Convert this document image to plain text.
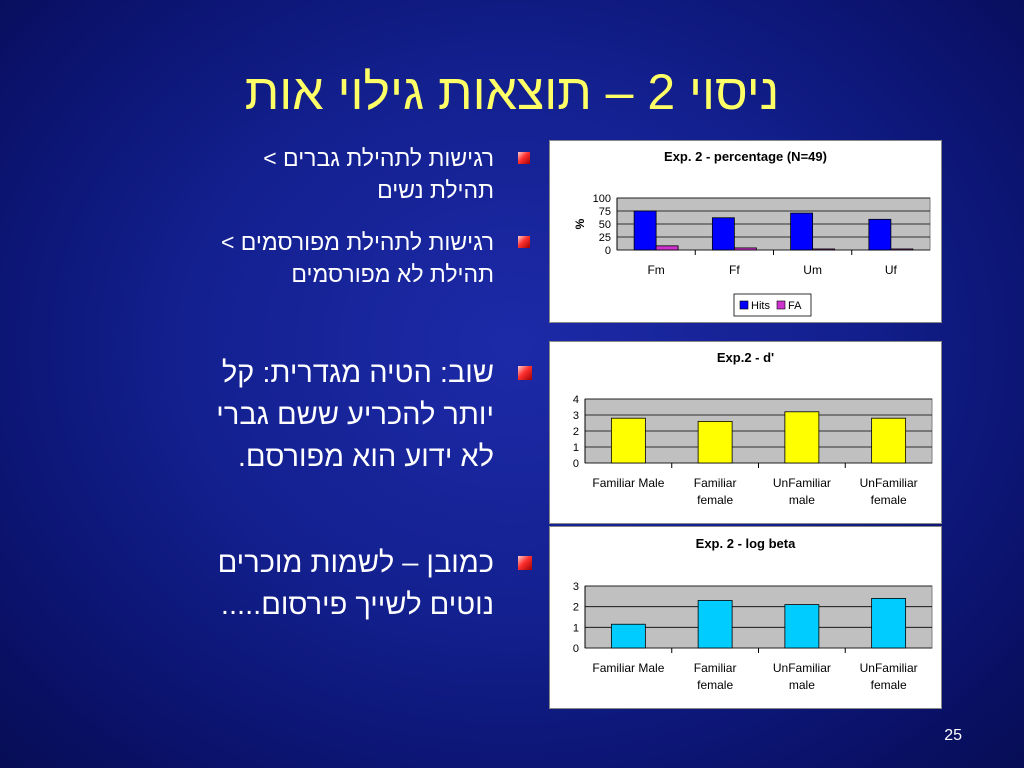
ניסוי 2 – תוצאות גילוי אות
רגישות לתהילת גברים >
תהילת נשים
רגישות לתהילת מפורסמים >
תהילת לא מפורסמים
שוב: הטיה מגדרית: קל
יותר להכריע ששם גברי
לא ידוע הוא מפורסם.
כמובן – לשמות מוכרים
נוטים לשייך פירסום.....
Exp. 2 - percentage (N=49)
0
25
50
75
100
Fm	Ff	Um	Uf
%
Hits FA
Exp.2 - d'
0
1
2
3
4
Familiar Male Familiar
female
UnFamiliar
male
UnFamiliar
female
Exp. 2 - log beta
0
1
2
3
Familiar Male Familiar
female
UnFamiliar
male
UnFamiliar
female
25
